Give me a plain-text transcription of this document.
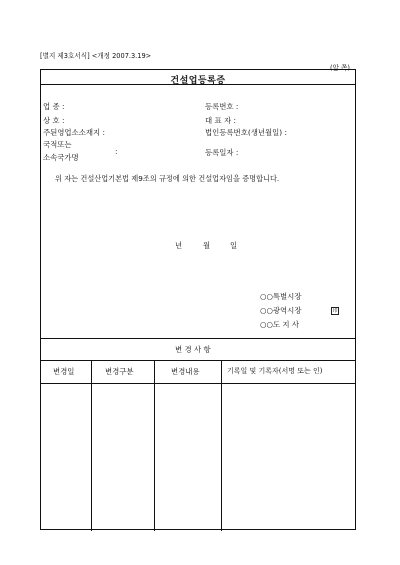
[별지 제3호서식] <개정 2007.3.19>
(앞 쪽)
건설업등록증
업 종 :
상 호 :
주된영업소소재지 :
국적또는
소속국가명
:
등록번호 :
대 표 자 :
법인등록번호(생년월일) :
등록일자 :
위 자는 건설산업기본법 제9조의 규정에 의한 건설업자임을 증명합니다.
년	월	일
○○특별시장
○○광역시장
○○도 지 사
印
변 경 사 항
변경일	변경구분	변경내용	기록일 및 기록자(서명 또는 인)
